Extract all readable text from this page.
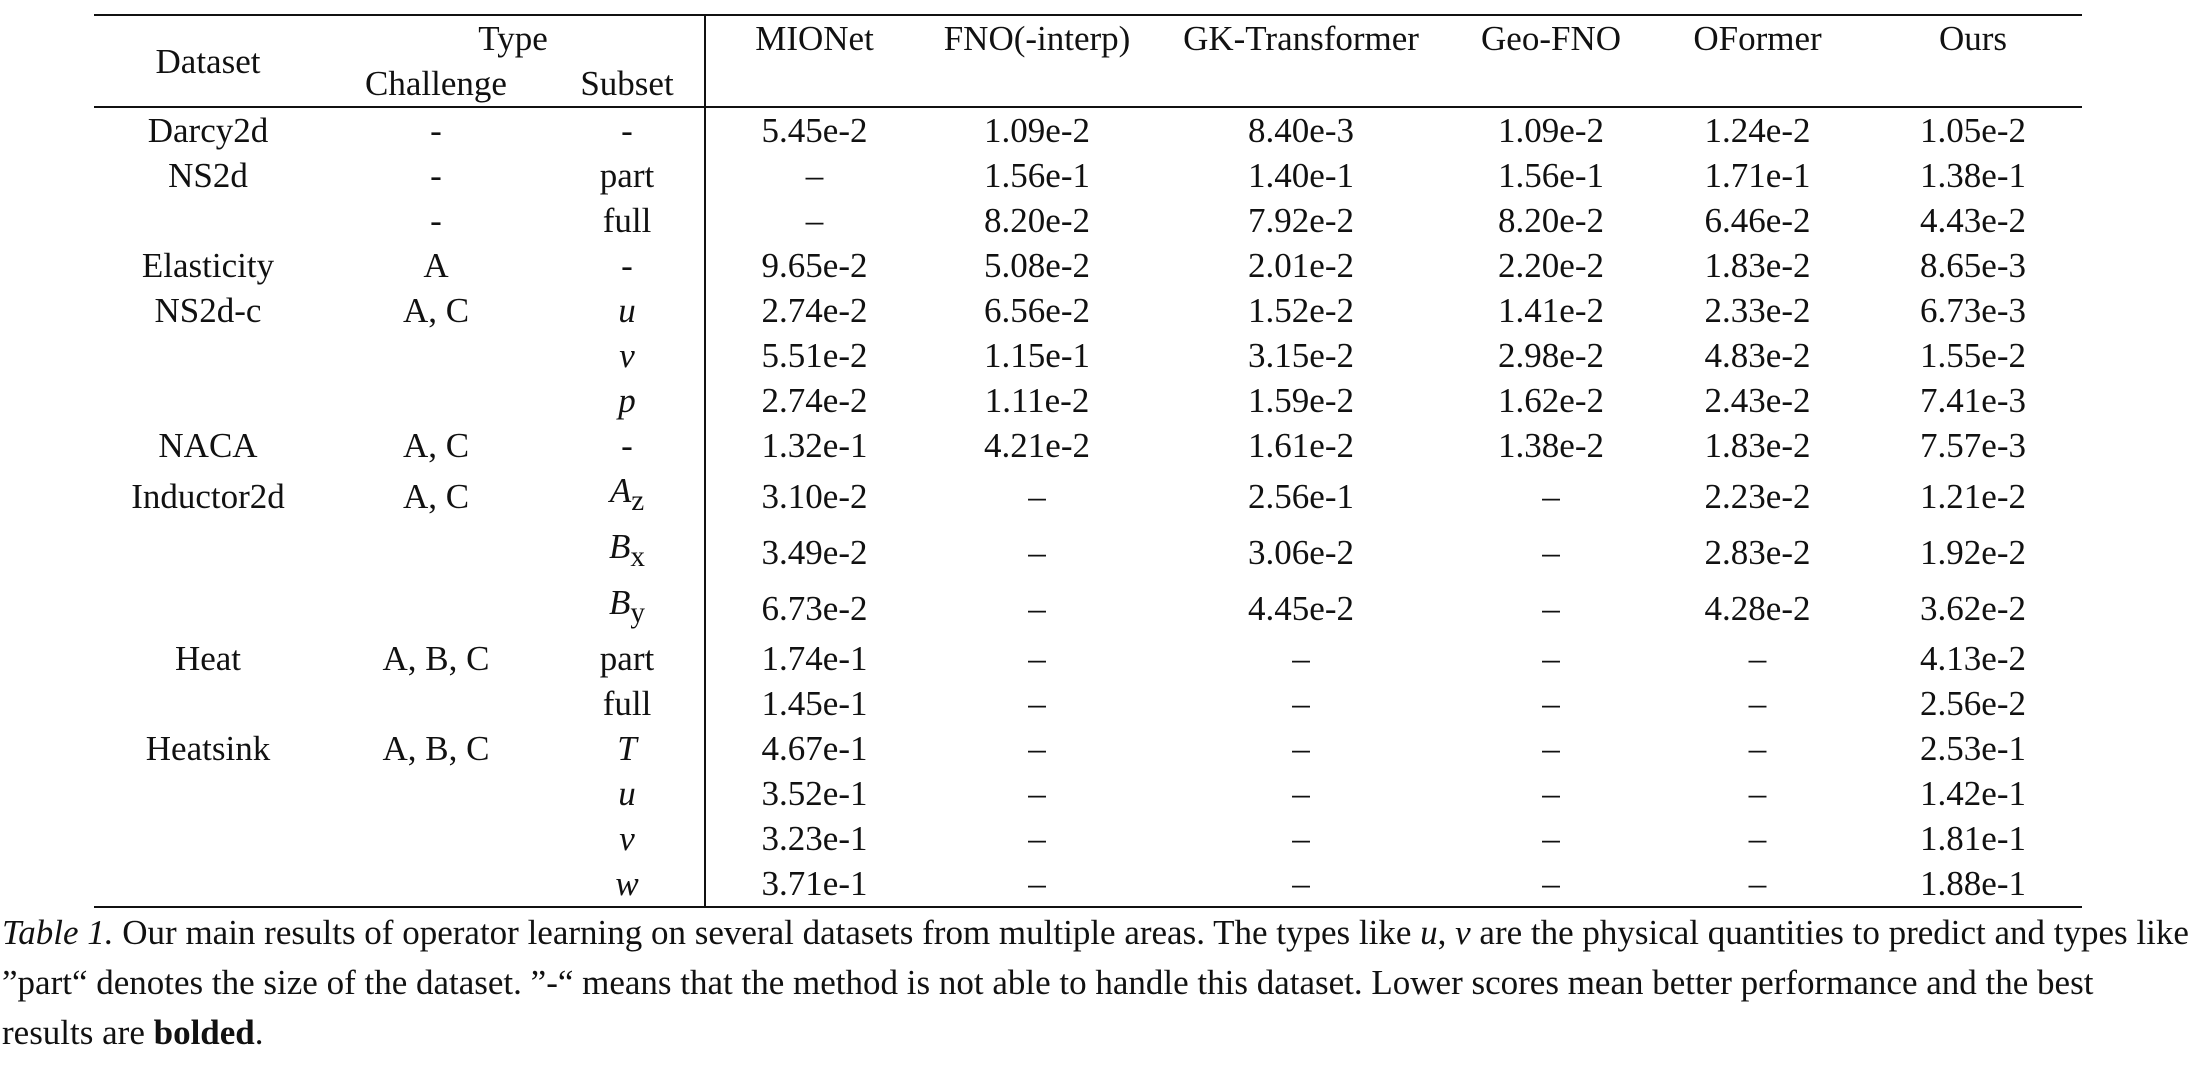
Dataset	Type		MIONet	FNO(-interp)	GK-Transformer	Geo-FNO	OFormer	Ours
	Challenge	Subset						
Darcy2d	-	-	5.45e-2	1.09e-2	8.40e-3	1.09e-2	1.24e-2	1.05e-2
NS2d	-	part	–	1.56e-1	1.40e-1	1.56e-1	1.71e-1	1.38e-1
	-	full	–	8.20e-2	7.92e-2	8.20e-2	6.46e-2	4.43e-2
Elasticity	A	-	9.65e-2	5.08e-2	2.01e-2	2.20e-2	1.83e-2	8.65e-3
NS2d-c	A, C	u	2.74e-2	6.56e-2	1.52e-2	1.41e-2	2.33e-2	6.73e-3
		v	5.51e-2	1.15e-1	3.15e-2	2.98e-2	4.83e-2	1.55e-2
		p	2.74e-2	1.11e-2	1.59e-2	1.62e-2	2.43e-2	7.41e-3
NACA	A, C	-	1.32e-1	4.21e-2	1.61e-2	1.38e-2	1.83e-2	7.57e-3
Inductor2d	A, C	$A_z$	3.10e-2	–	2.56e-1	–	2.23e-2	1.21e-2
		$B_x$	3.49e-2	–	3.06e-2	–	2.83e-2	1.92e-2
		$B_y$	6.73e-2	–	4.45e-2	–	4.28e-2	3.62e-2
Heat	A, B, C	part	1.74e-1	–	–	–	–	4.13e-2
		full	1.45e-1	–	–	–	–	2.56e-2
Heatsink	A, B, C	T	4.67e-1	–	–	–	–	2.53e-1
		u	3.52e-1	–	–	–	–	1.42e-1
		v	3.23e-1	–	–	–	–	1.81e-1
		w	3.71e-1	–	–	–	–	1.88e-1
Table 1. Our main results of operator learning on several datasets from multiple areas. The types like u, v are the physical quantities to predict and types like ”part“ denotes the size of the dataset. ”-“ means that the method is not able to handle this dataset. Lower scores mean better performance and the best results are bolded.
